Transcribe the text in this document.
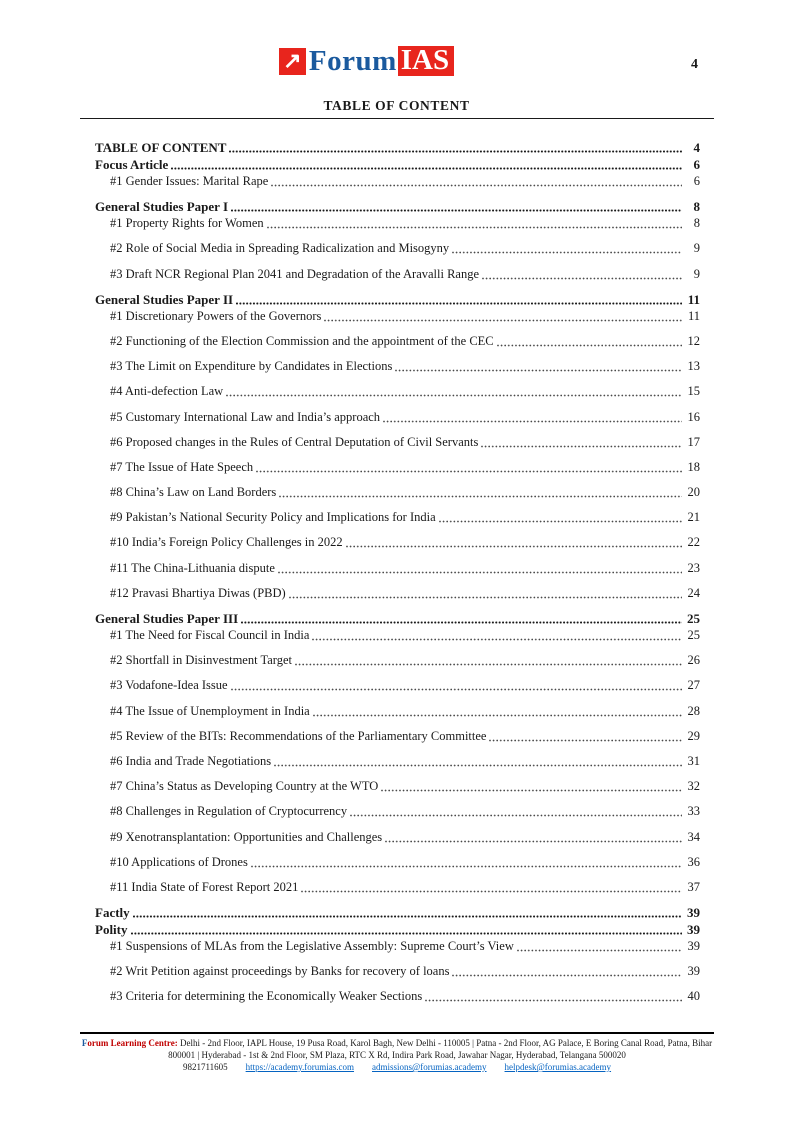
↗ Forum IAS	4
TABLE OF CONTENT
TABLE OF CONTENT	4
Focus Article	6
#1 Gender Issues: Marital Rape	6
General Studies Paper I	8
#1 Property Rights for Women	8
#2 Role of Social Media in Spreading Radicalization and Misogyny	9
#3 Draft NCR Regional Plan 2041 and Degradation of the Aravalli Range	9
General Studies Paper II	11
#1 Discretionary Powers of the Governors	11
#2 Functioning of the Election Commission and the appointment of the CEC	12
#3 The Limit on Expenditure by Candidates in Elections	13
#4 Anti-defection Law	15
#5 Customary International Law and India’s approach	16
#6 Proposed changes in the Rules of Central Deputation of Civil Servants	17
#7 The Issue of Hate Speech	18
#8 China’s Law on Land Borders	20
#9 Pakistan’s National Security Policy and Implications for India	21
#10 India’s Foreign Policy Challenges in 2022	22
#11 The China-Lithuania dispute	23
#12 Pravasi Bhartiya Diwas (PBD)	24
General Studies Paper III	25
#1 The Need for Fiscal Council in India	25
#2 Shortfall in Disinvestment Target	26
#3 Vodafone-Idea Issue	27
#4 The Issue of Unemployment in India	28
#5 Review of the BITs: Recommendations of the Parliamentary Committee	29
#6 India and Trade Negotiations	31
#7 China’s Status as Developing Country at the WTO	32
#8 Challenges in Regulation of Cryptocurrency	33
#9 Xenotransplantation: Opportunities and Challenges	34
#10 Applications of Drones	36
#11 India State of Forest Report 2021	37
Factly	39
Polity	39
#1 Suspensions of MLAs from the Legislative Assembly: Supreme Court’s View	39
#2 Writ Petition against proceedings by Banks for recovery of loans	39
#3 Criteria for determining the Economically Weaker Sections	40
Forum Learning Centre: Delhi - 2nd Floor, IAPL House, 19 Pusa Road, Karol Bagh, New Delhi - 110005 | Patna - 2nd Floor, AG Palace, E Boring Canal Road, Patna, Bihar 800001 | Hyderabad - 1st & 2nd Floor, SM Plaza, RTC X Rd, Indira Park Road, Jawahar Nagar, Hyderabad, Telangana 500020
9821711605 https://academy.forumias.com admissions@forumias.academy helpdesk@forumias.academy
